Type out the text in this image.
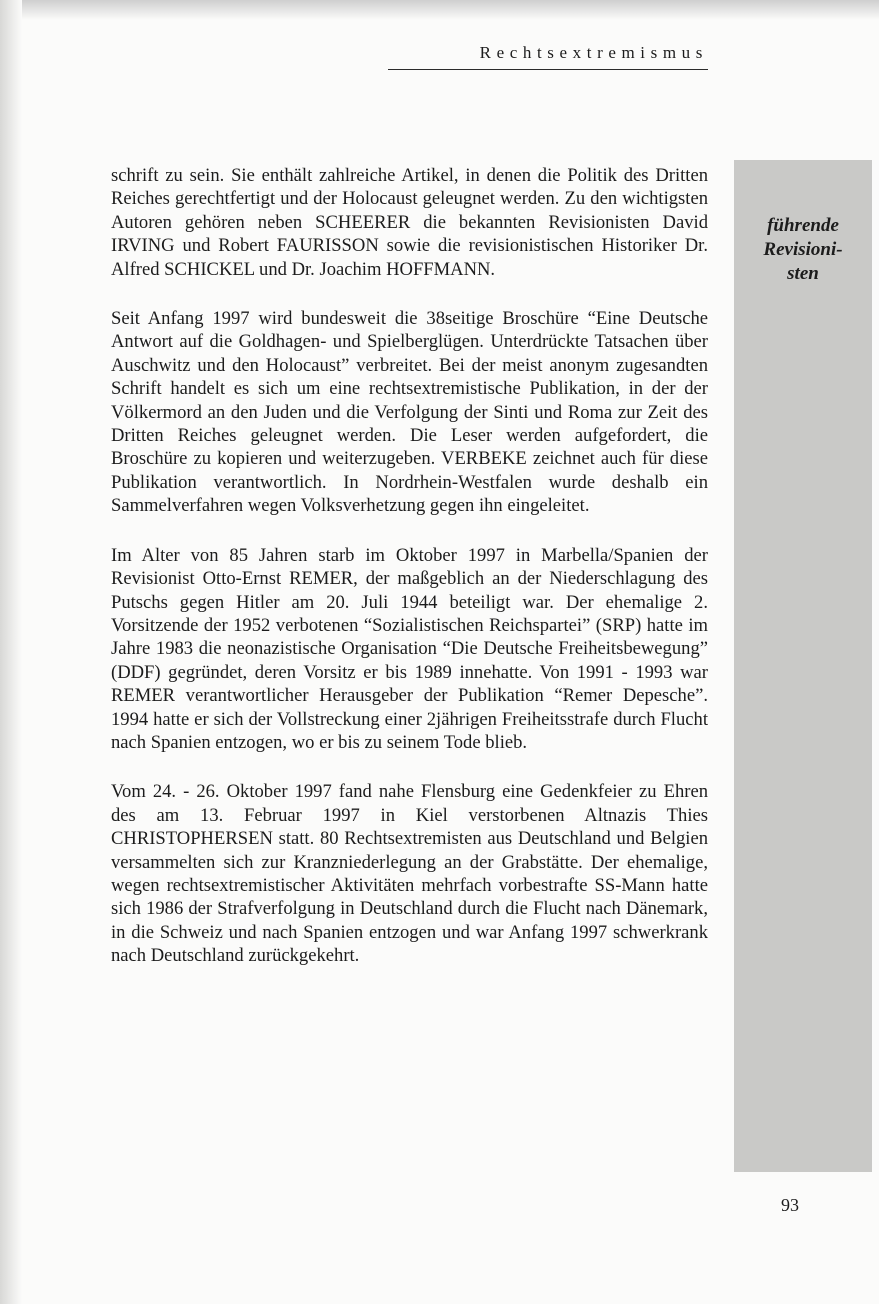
Rechtsextremismus
führende
Revisioni-
sten

schrift zu sein. Sie enthält zahlreiche Artikel, in denen die Politik des Dritten Reiches gerechtfertigt und der Holocaust geleugnet werden. Zu den wichtigsten Autoren gehören neben SCHEERER die bekannten Revisionisten David IRVING und Robert FAURISSON sowie die revisionistischen Historiker Dr. Alfred SCHICKEL und Dr. Joachim HOFFMANN.

Seit Anfang 1997 wird bundesweit die 38seitige Broschüre “Eine Deutsche Antwort auf die Goldhagen- und Spielberglügen. Unterdrückte Tatsachen über Auschwitz und den Holocaust” verbreitet. Bei der meist anonym zugesandten Schrift handelt es sich um eine rechtsextremistische Publikation, in der der Völkermord an den Juden und die Verfolgung der Sinti und Roma zur Zeit des Dritten Reiches geleugnet werden. Die Leser werden aufgefordert, die Broschüre zu kopieren und weiterzugeben. VERBEKE zeichnet auch für diese Publikation verantwortlich. In Nordrhein-Westfalen wurde deshalb ein Sammelverfahren wegen Volksverhetzung gegen ihn eingeleitet.

Im Alter von 85 Jahren starb im Oktober 1997 in Marbella/Spanien der Revisionist Otto-Ernst REMER, der maßgeblich an der Niederschlagung des Putschs gegen Hitler am 20. Juli 1944 beteiligt war. Der ehemalige 2. Vorsitzende der 1952 verbotenen “Sozialistischen Reichspartei” (SRP) hatte im Jahre 1983 die neonazistische Organisation “Die Deutsche Freiheitsbewegung” (DDF) gegründet, deren Vorsitz er bis 1989 innehatte. Von 1991 - 1993 war REMER verantwortlicher Herausgeber der Publikation “Remer Depesche”. 1994 hatte er sich der Vollstreckung einer 2jährigen Freiheitsstrafe durch Flucht nach Spanien entzogen, wo er bis zu seinem Tode blieb.

Vom 24. - 26. Oktober 1997 fand nahe Flensburg eine Gedenkfeier zu Ehren des am 13. Februar 1997 in Kiel verstorbenen Altnazis Thies CHRISTOPHERSEN statt. 80 Rechtsextremisten aus Deutschland und Belgien versammelten sich zur Kranzniederlegung an der Grabstätte. Der ehemalige, wegen rechtsextremistischer Aktivitäten mehrfach vorbestrafte SS-Mann hatte sich 1986 der Strafverfolgung in Deutschland durch die Flucht nach Dänemark, in die Schweiz und nach Spanien entzogen und war Anfang 1997 schwerkrank nach Deutschland zurückgekehrt.

93
